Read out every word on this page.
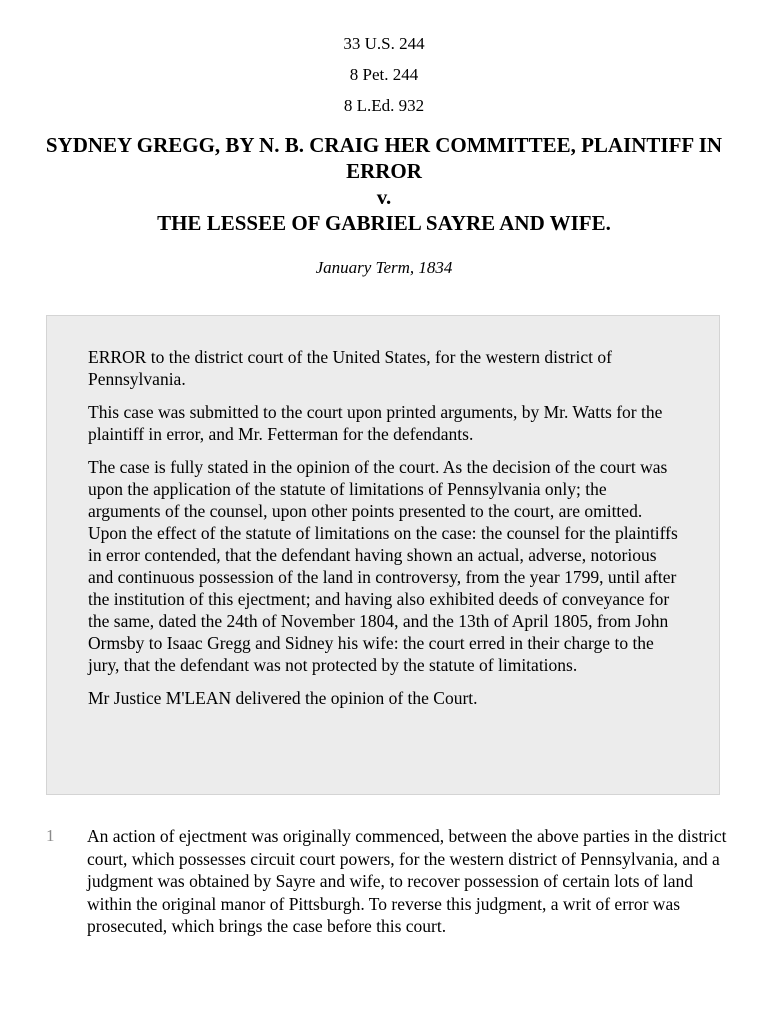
33 U.S. 244
8 Pet. 244
8 L.Ed. 932
SYDNEY GREGG, BY N. B. CRAIG HER COMMITTEE, PLAINTIFF IN ERROR
v.
THE LESSEE OF GABRIEL SAYRE AND WIFE.
January Term, 1834

ERROR to the district court of the United States, for the western district of Pennsylvania.

This case was submitted to the court upon printed arguments, by Mr. Watts for the plaintiff in error, and Mr. Fetterman for the defendants.

The case is fully stated in the opinion of the court. As the decision of the court was upon the application of the statute of limitations of Pennsylvania only; the arguments of the counsel, upon other points presented to the court, are omitted. Upon the effect of the statute of limitations on the case: the counsel for the plaintiffs in error contended, that the defendant having shown an actual, adverse, notorious and continuous possession of the land in controversy, from the year 1799, until after the institution of this ejectment; and having also exhibited deeds of conveyance for the same, dated the 24th of November 1804, and the 13th of April 1805, from John Ormsby to Isaac Gregg and Sidney his wife: the court erred in their charge to the jury, that the defendant was not protected by the statute of limitations.

Mr Justice M'LEAN delivered the opinion of the Court.

1 An action of ejectment was originally commenced, between the above parties in the district court, which possesses circuit court powers, for the western district of Pennsylvania, and a judgment was obtained by Sayre and wife, to recover possession of certain lots of land within the original manor of Pittsburgh. To reverse this judgment, a writ of error was prosecuted, which brings the case before this court.
